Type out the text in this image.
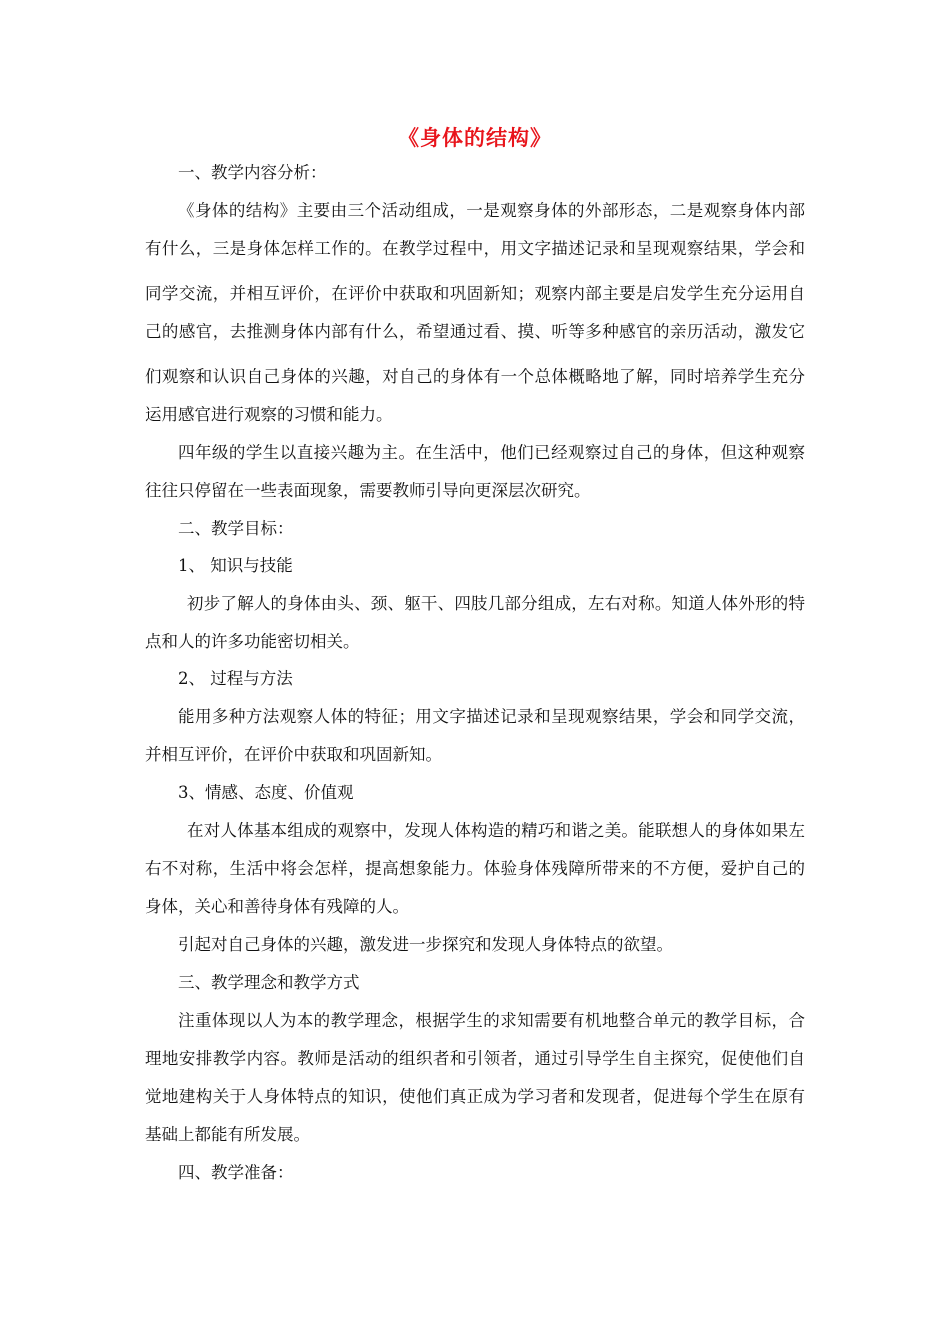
《身体的结构》
一、教学内容分析：
《身体的结构》主要由三个活动组成，一是观察身体的外部形态，二是观察身体内部
有什么，三是身体怎样工作的。在教学过程中，用文字描述记录和呈现观察结果，学会和
同学交流，并相互评价，在评价中获取和巩固新知；观察内部主要是启发学生充分运用自
己的感官，去推测身体内部有什么，希望通过看、摸、听等多种感官的亲历活动，激发它
们观察和认识自己身体的兴趣，对自己的身体有一个总体概略地了解，同时培养学生充分
运用感官进行观察的习惯和能力。
四年级的学生以直接兴趣为主。在生活中，他们已经观察过自己的身体，但这种观察
往往只停留在一些表面现象，需要教师引导向更深层次研究。
二、教学目标：
1、 知识与技能
初步了解人的身体由头、颈、躯干、四肢几部分组成，左右对称。知道人体外形的特
点和人的许多功能密切相关。
2、 过程与方法
能用多种方法观察人体的特征；用文字描述记录和呈现观察结果，学会和同学交流，
并相互评价，在评价中获取和巩固新知。
3、情感、态度、价值观
在对人体基本组成的观察中，发现人体构造的精巧和谐之美。能联想人的身体如果左
右不对称，生活中将会怎样，提高想象能力。体验身体残障所带来的不方便，爱护自己的
身体，关心和善待身体有残障的人。
引起对自己身体的兴趣，激发进一步探究和发现人身体特点的欲望。
三、教学理念和教学方式
注重体现以人为本的教学理念，根据学生的求知需要有机地整合单元的教学目标，合
理地安排教学内容。教师是活动的组织者和引领者，通过引导学生自主探究，促使他们自
觉地建构关于人身体特点的知识，使他们真正成为学习者和发现者，促进每个学生在原有
基础上都能有所发展。
四、教学准备：
